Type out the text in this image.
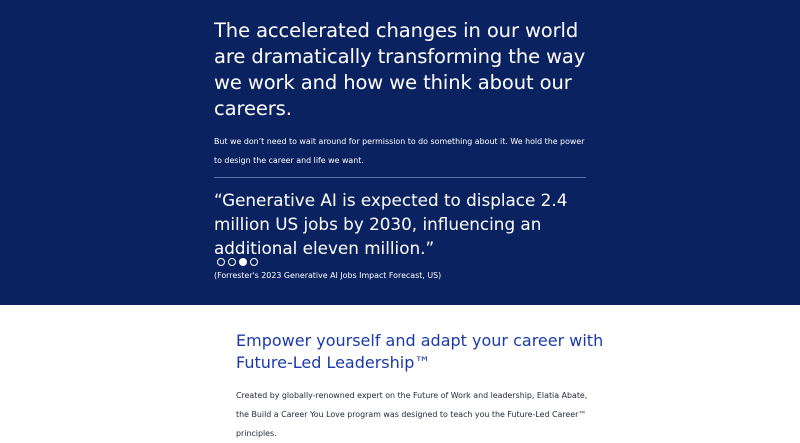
The accelerated changes in our world are dramatically transforming the way we work and how we think about our careers.

But we don’t need to wait around for permission to do something about it. We hold the power to design the career and life we want.

“Generative AI is expected to displace 2.4 million US jobs by 2030, influencing an additional eleven million.”

(Forrester's 2023 Generative AI Jobs Impact Forecast, US)

Empower yourself and adapt your career with Future-Led Leadership™

Created by globally-renowned expert on the Future of Work and leadership, Elatia Abate, the Build a Career You Love program was designed to teach you the Future-Led Career™ principles.
